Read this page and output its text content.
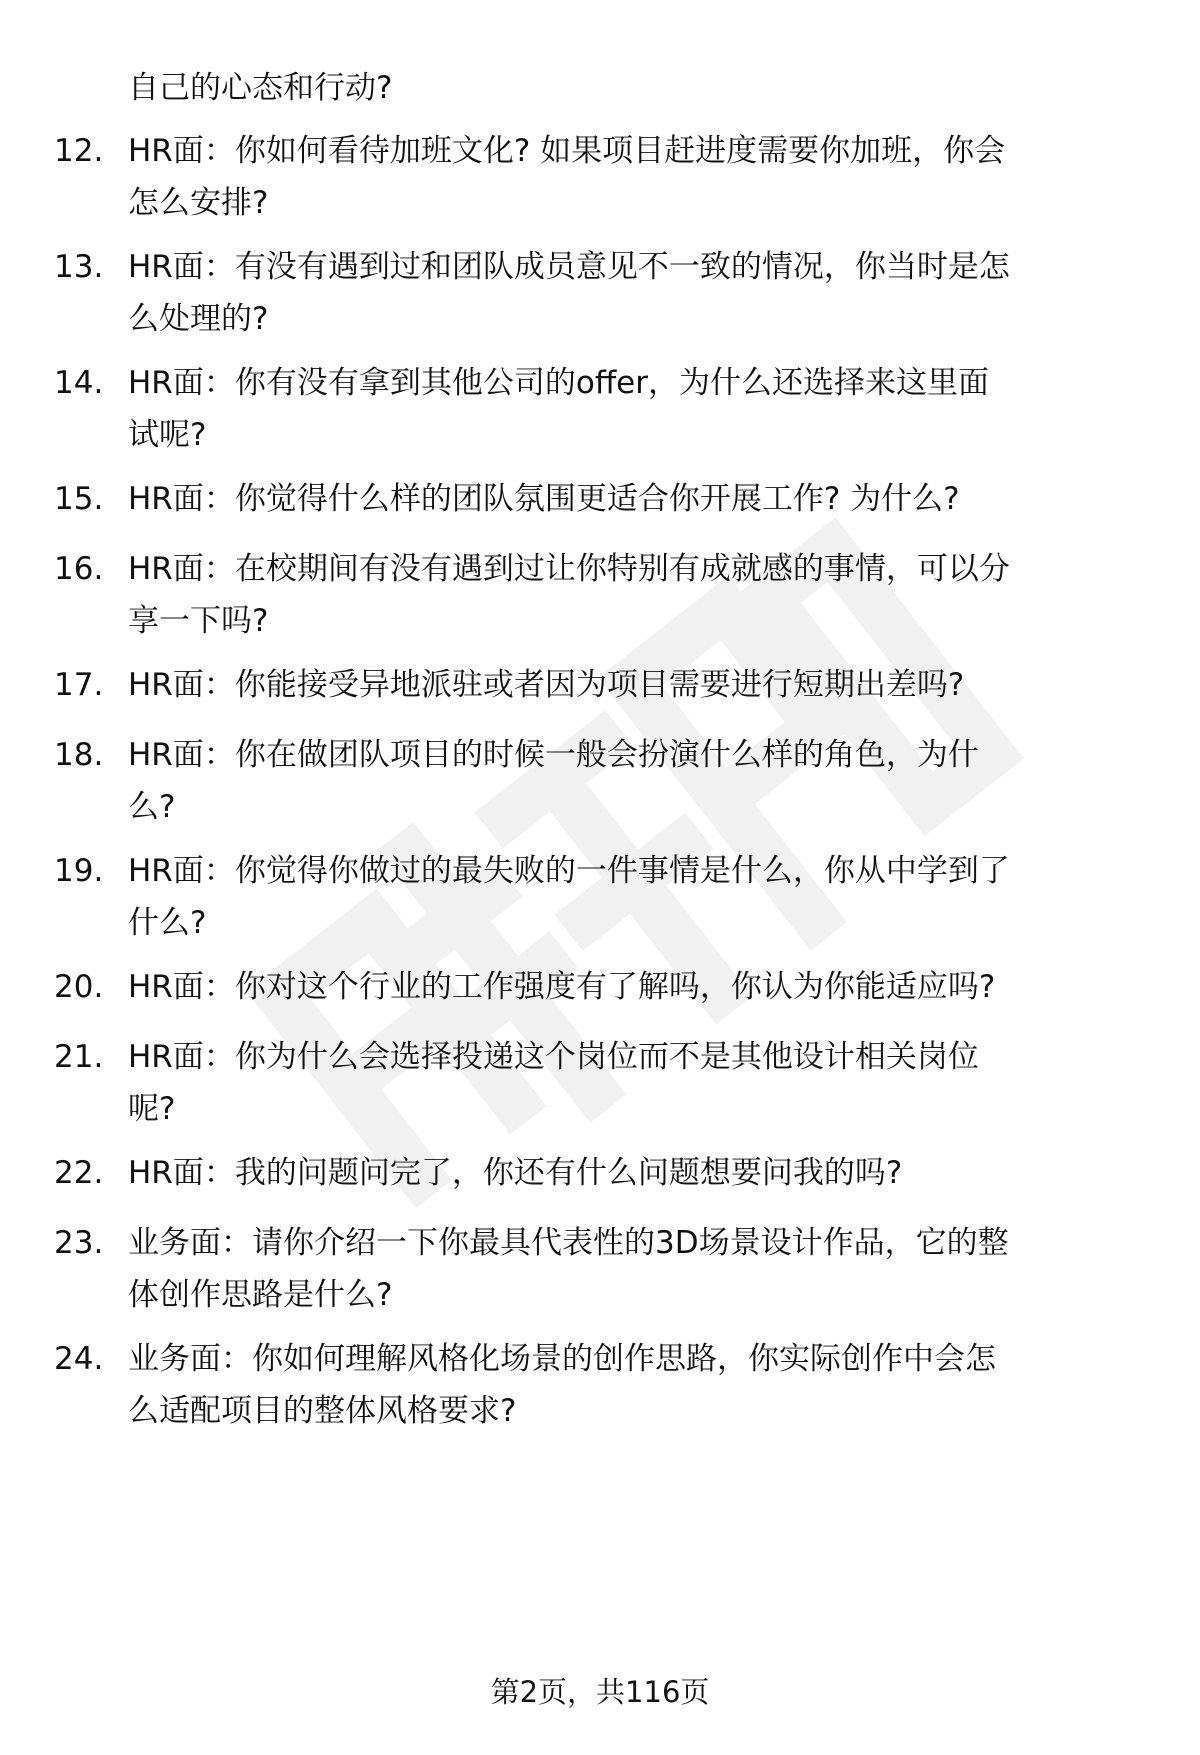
自己的心态和行动?
12. HR面：你如何看待加班文化? 如果项目赶进度需要你加班，你会
怎么安排?
13. HR面：有没有遇到过和团队成员意见不一致的情况，你当时是怎
么处理的?
14. HR面：你有没有拿到其他公司的offer，为什么还选择来这里面
试呢?
15. HR面：你觉得什么样的团队氛围更适合你开展工作? 为什么?
16. HR面：在校期间有没有遇到过让你特别有成就感的事情，可以分
享一下吗?
17. HR面：你能接受异地派驻或者因为项目需要进行短期出差吗?
18. HR面：你在做团队项目的时候一般会扮演什么样的角色，为什
么?
19. HR面：你觉得你做过的最失败的一件事情是什么，你从中学到了
什么?
20. HR面：你对这个行业的工作强度有了解吗，你认为你能适应吗?
21. HR面：你为什么会选择投递这个岗位而不是其他设计相关岗位
呢?
22. HR面：我的问题问完了，你还有什么问题想要问我的吗?
23. 业务面：请你介绍一下你最具代表性的3D场景设计作品，它的整
体创作思路是什么?
24. 业务面：你如何理解风格化场景的创作思路，你实际创作中会怎
么适配项目的整体风格要求?
第2页，共116页
